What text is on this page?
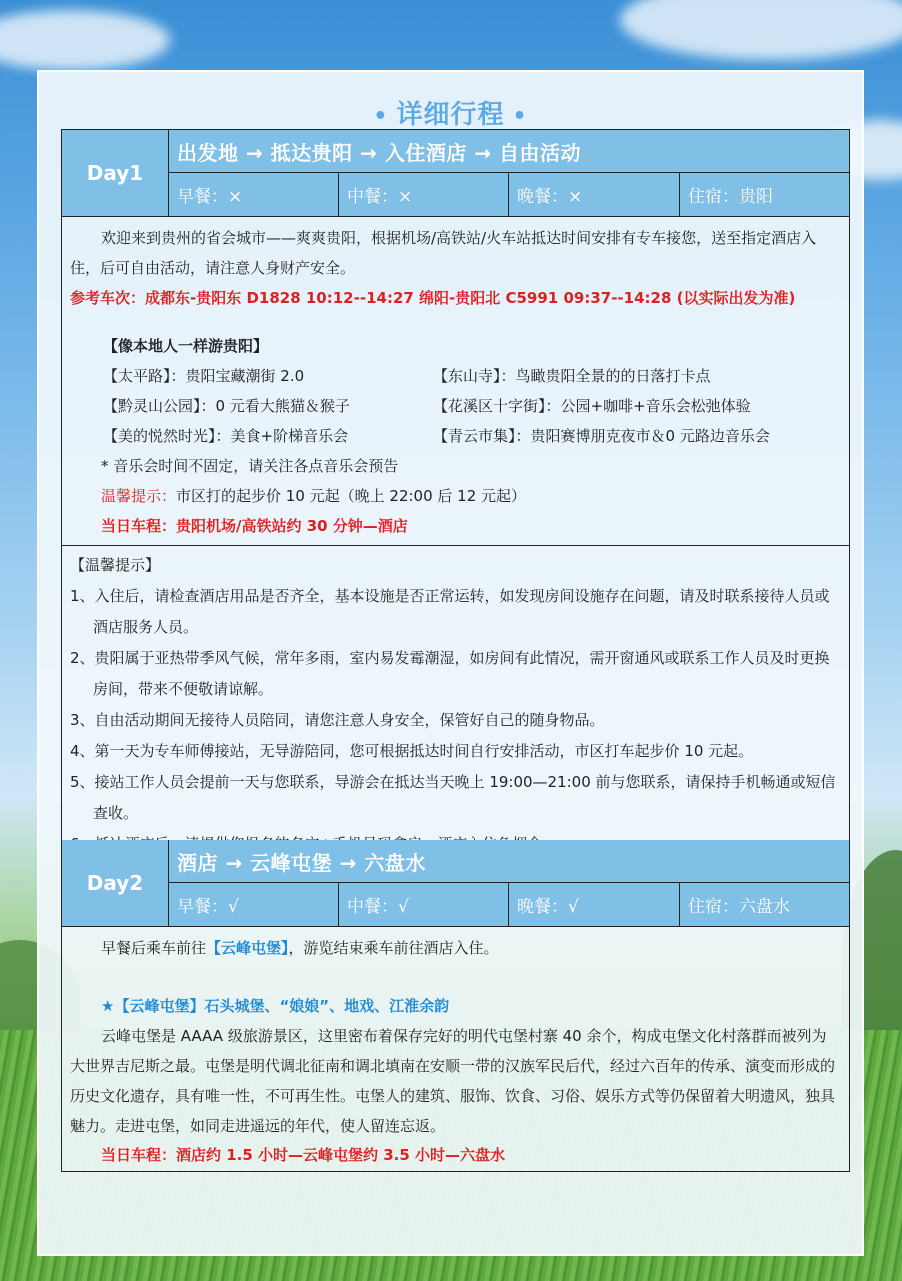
• 详细行程 •
Day1
出发地 → 抵达贵阳 → 入住酒店 → 自由活动
早餐：×	中餐：×	晚餐：×	住宿：贵阳
欢迎来到贵州的省会城市——爽爽贵阳，根据机场/高铁站/火车站抵达时间安排有专车接您，送至指定酒店入住，后可自由活动，请注意人身财产安全。
参考车次：成都东-贵阳东 D1828 10:12--14:27 绵阳-贵阳北 C5991 09:37--14:28 (以实际出发为准)
【像本地人一样游贵阳】
【太平路】：贵阳宝藏潮街 2.0	【东山寺】：鸟瞰贵阳全景的的日落打卡点
【黔灵山公园】：0 元看大熊猫＆猴子	【花溪区十字街】：公园+咖啡+音乐会松弛体验
【美的悦然时光】：美食+阶梯音乐会	【青云市集】：贵阳赛博朋克夜市＆0 元路边音乐会
* 音乐会时间不固定，请关注各点音乐会预告
温馨提示：市区打的起步价 10 元起（晚上 22:00 后 12 元起）
当日车程：贵阳机场/高铁站约 30 分钟—酒店
【温馨提示】
1、入住后，请检查酒店用品是否齐全，基本设施是否正常运转，如发现房间设施存在问题，请及时联系接待人员或酒店服务人员。
2、贵阳属于亚热带季风气候，常年多雨，室内易发霉潮湿，如房间有此情况，需开窗通风或联系工作人员及时更换房间，带来不便敬请谅解。
3、自由活动期间无接待人员陪同，请您注意人身安全，保管好自己的随身物品。
4、第一天为专车师傅接站，无导游陪同，您可根据抵达时间自行安排活动，市区打车起步价 10 元起。
5、接站工作人员会提前一天与您联系，导游会在抵达当天晚上 19:00—21:00 前与您联系，请保持手机畅通或短信查收。
Day2
酒店 → 云峰屯堡 → 六盘水
早餐：√	中餐：√	晚餐：√	住宿：六盘水
早餐后乘车前往【云峰屯堡】，游览结束乘车前往酒店入住。
★【云峰屯堡】石头城堡、“娘娘”、地戏、江淮余韵
云峰屯堡是 AAAA 级旅游景区，这里密布着保存完好的明代屯堡村寨 40 余个，构成屯堡文化村落群而被列为大世界吉尼斯之最。屯堡是明代调北征南和调北填南在安顺一带的汉族军民后代，经过六百年的传承、演变而形成的历史文化遗存，具有唯一性，不可再生性。屯堡人的建筑、服饰、饮食、习俗、娱乐方式等仍保留着大明遗风，独具魅力。走进屯堡，如同走进遥远的年代，使人留连忘返。
当日车程：酒店约 1.5 小时—云峰屯堡约 3.5 小时—六盘水
